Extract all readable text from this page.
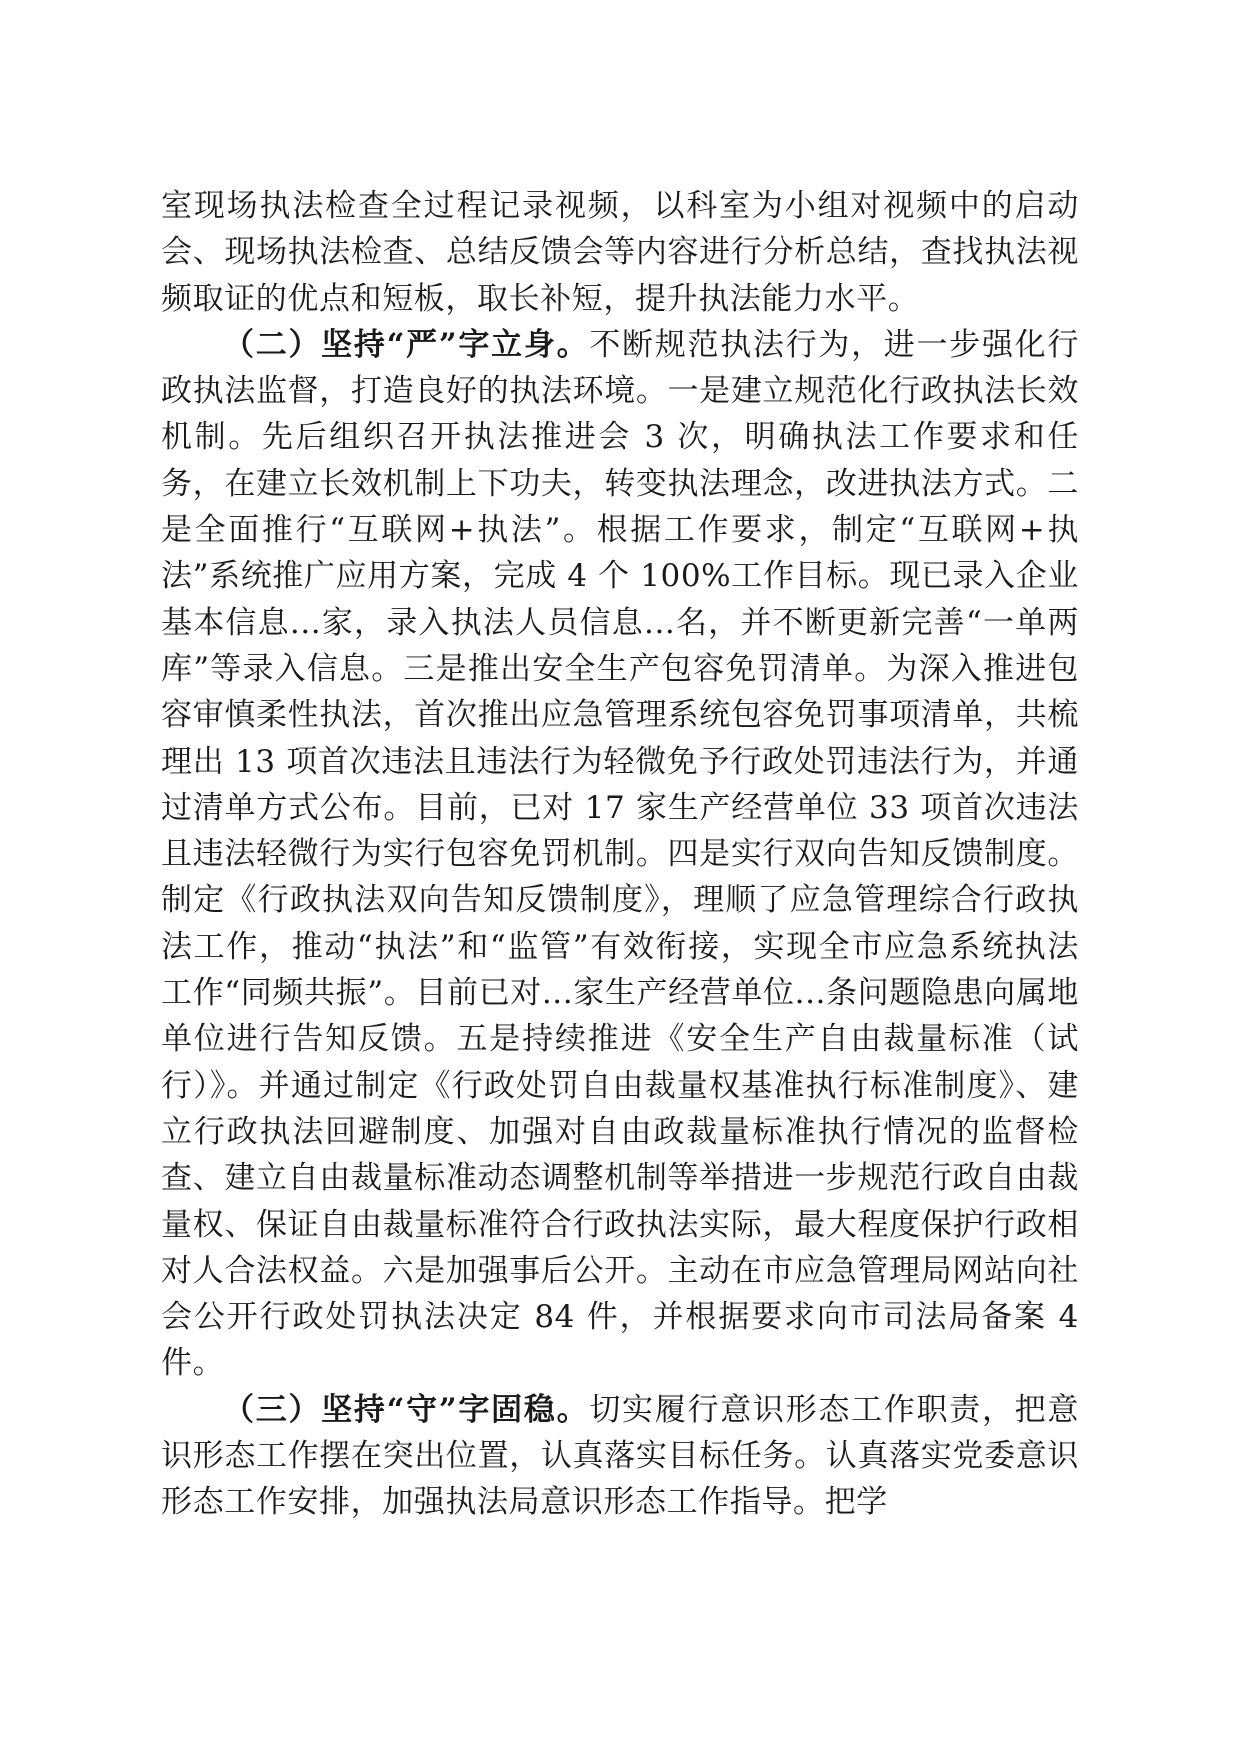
室现场执法检查全过程记录视频，以科室为小组对视频中的启动会、现场执法检查、总结反馈会等内容进行分析总结，查找执法视频取证的优点和短板，取长补短，提升执法能力水平。

（二）坚持“严”字立身。不断规范执法行为，进一步强化行政执法监督，打造良好的执法环境。一是建立规范化行政执法长效机制。先后组织召开执法推进会 3 次，明确执法工作要求和任务，在建立长效机制上下功夫，转变执法理念，改进执法方式。二是全面推行“互联网+执法”。根据工作要求，制定“互联网+执法”系统推广应用方案，完成 4 个 100%工作目标。现已录入企业基本信息...家，录入执法人员信息...名，并不断更新完善“一单两库”等录入信息。三是推出安全生产包容免罚清单。为深入推进包容审慎柔性执法，首次推出应急管理系统包容免罚事项清单，共梳理出 13 项首次违法且违法行为轻微免予行政处罚违法行为，并通过清单方式公布。目前，已对 17 家生产经营单位 33 项首次违法且违法轻微行为实行包容免罚机制。四是实行双向告知反馈制度。制定《行政执法双向告知反馈制度》，理顺了应急管理综合行政执法工作，推动“执法”和“监管”有效衔接，实现全市应急系统执法工作“同频共振”。目前已对...家生产经营单位...条问题隐患向属地单位进行告知反馈。五是持续推进《安全生产自由裁量标准（试行）》。并通过制定《行政处罚自由裁量权基准执行标准制度》、建立行政执法回避制度、加强对自由政裁量标准执行情况的监督检查、建立自由裁量标准动态调整机制等举措进一步规范行政自由裁量权、保证自由裁量标准符合行政执法实际，最大程度保护行政相对人合法权益。六是加强事后公开。主动在市应急管理局网站向社会公开行政处罚执法决定 84 件，并根据要求向市司法局备案 4 件。

（三）坚持“守”字固稳。切实履行意识形态工作职责，把意识形态工作摆在突出位置，认真落实目标任务。认真落实党委意识形态工作安排，加强执法局意识形态工作指导。把学
